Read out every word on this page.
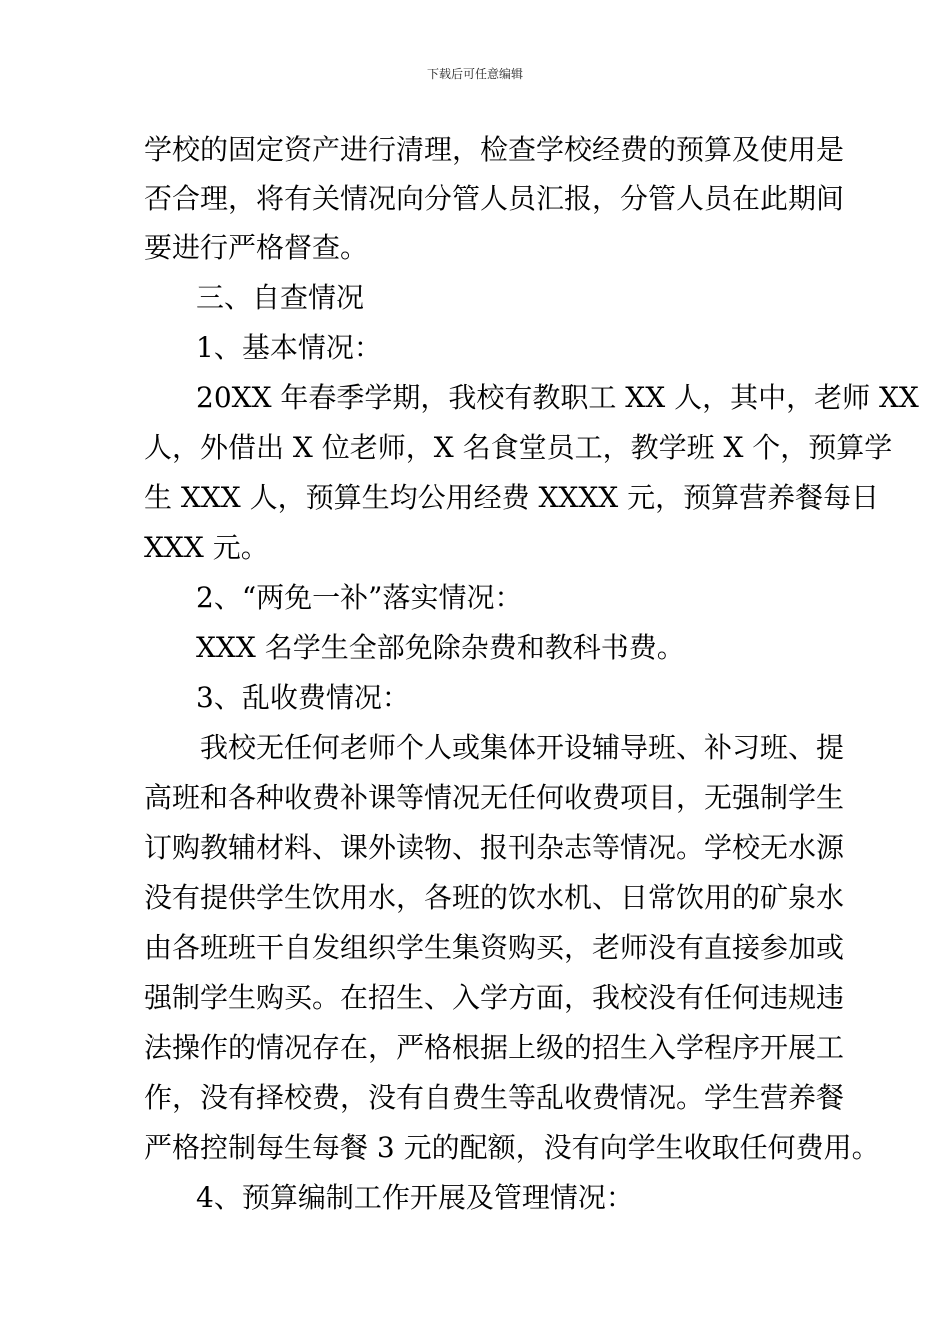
下载后可任意编辑
学校的固定资产进行清理，检查学校经费的预算及使用是
否合理，将有关情况向分管人员汇报，分管人员在此期间
要进行严格督查。
三、自查情况
1、基本情况：
20XX 年春季学期，我校有教职工 XX 人，其中，老师 XX
人，外借出 X 位老师，X 名食堂员工，教学班 X 个，预算学
生 XXX 人，预算生均公用经费 XXXX 元，预算营养餐每日
XXX 元。
2、“两免一补”落实情况：
XXX 名学生全部免除杂费和教科书费。
3、乱收费情况：
我校无任何老师个人或集体开设辅导班、补习班、提
高班和各种收费补课等情况无任何收费项目，无强制学生
订购教辅材料、课外读物、报刊杂志等情况。学校无水源
没有提供学生饮用水，各班的饮水机、日常饮用的矿泉水
由各班班干自发组织学生集资购买，老师没有直接参加或
强制学生购买。在招生、入学方面，我校没有任何违规违
法操作的情况存在，严格根据上级的招生入学程序开展工
作，没有择校费，没有自费生等乱收费情况。学生营养餐
严格控制每生每餐 3 元的配额，没有向学生收取任何费用。
4、预算编制工作开展及管理情况：
